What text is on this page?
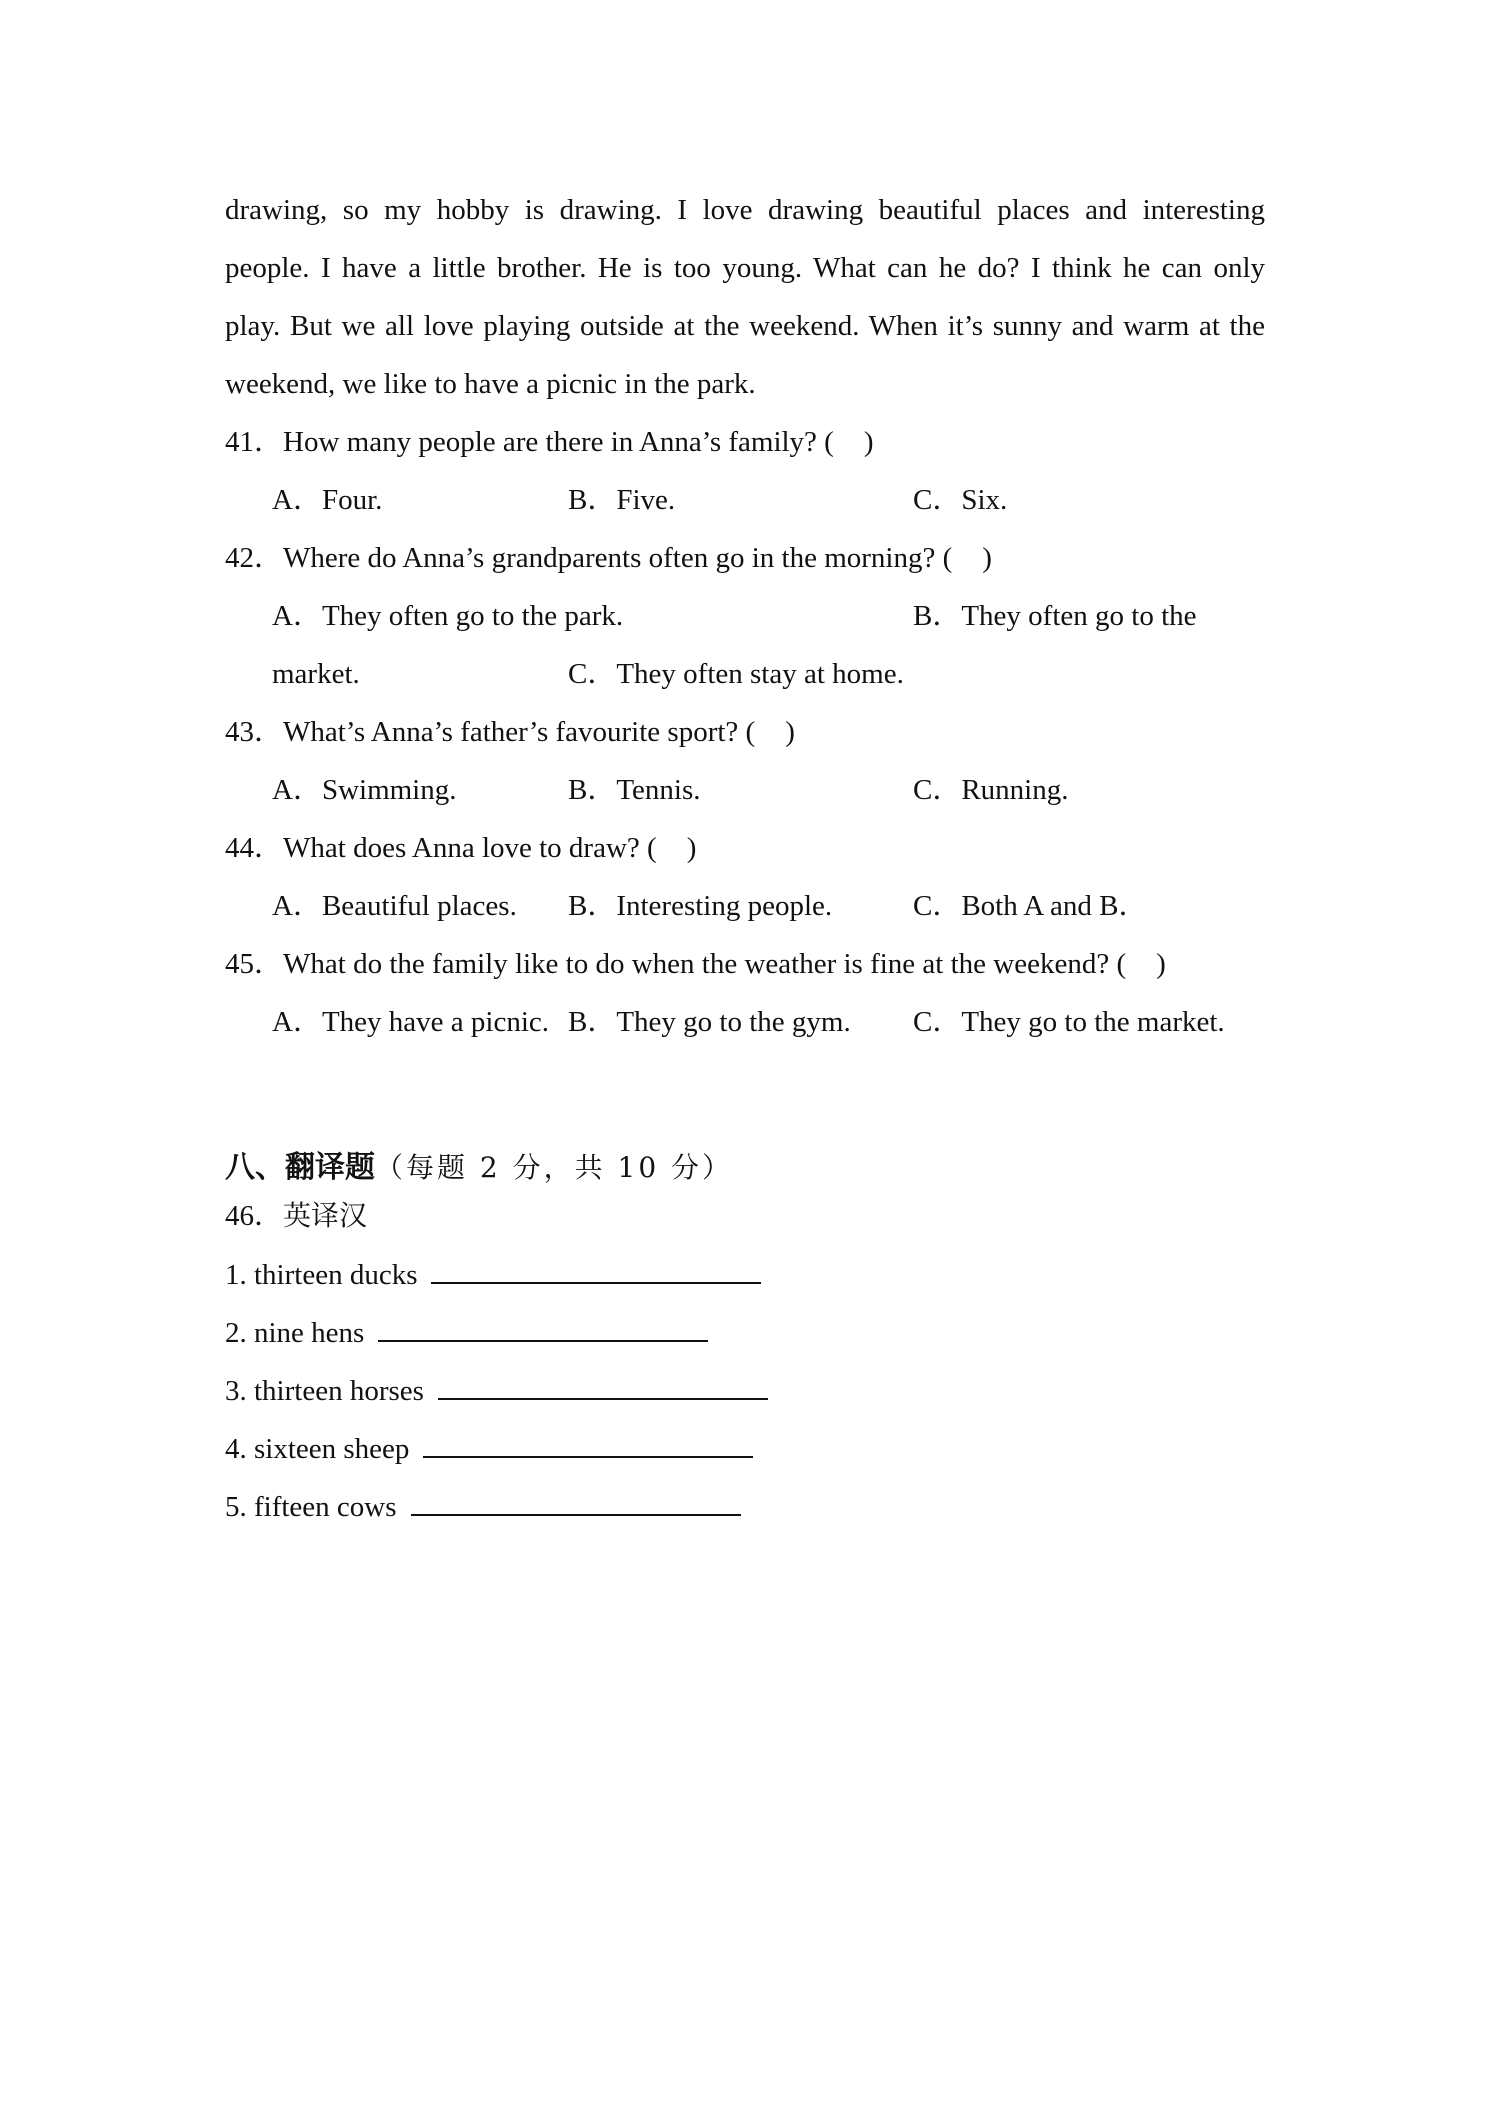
drawing, so my hobby is drawing. I love drawing beautiful places and interesting
people. I have a little brother. He is too young. What can he do? I think he can only
play. But we all love playing outside at the weekend. When it’s sunny and warm at the
weekend, we like to have a picnic in the park.
41．How many people are there in Anna’s family? ( )
A．Four.	B．Five.	C．Six.
42．Where do Anna’s grandparents often go in the morning? ( )
A．They often go to the park.	B．They often go to the
market.	C．They often stay at home.
43．What’s Anna’s father’s favourite sport? ( )
A．Swimming.	B．Tennis.	C．Running.
44．What does Anna love to draw? ( )
A．Beautiful places. B．Interesting people.	C．Both A and B．
45．What do the family like to do when the weather is fine at the weekend? ( )
A．They have a picnic. B．They go to the gym. C．They go to the market.
八、翻译题（每题 2 分，共 10 分）
46．英译汉
1. thirteen ducks
2. nine hens
3. thirteen horses
4. sixteen sheep
5. fifteen cows
